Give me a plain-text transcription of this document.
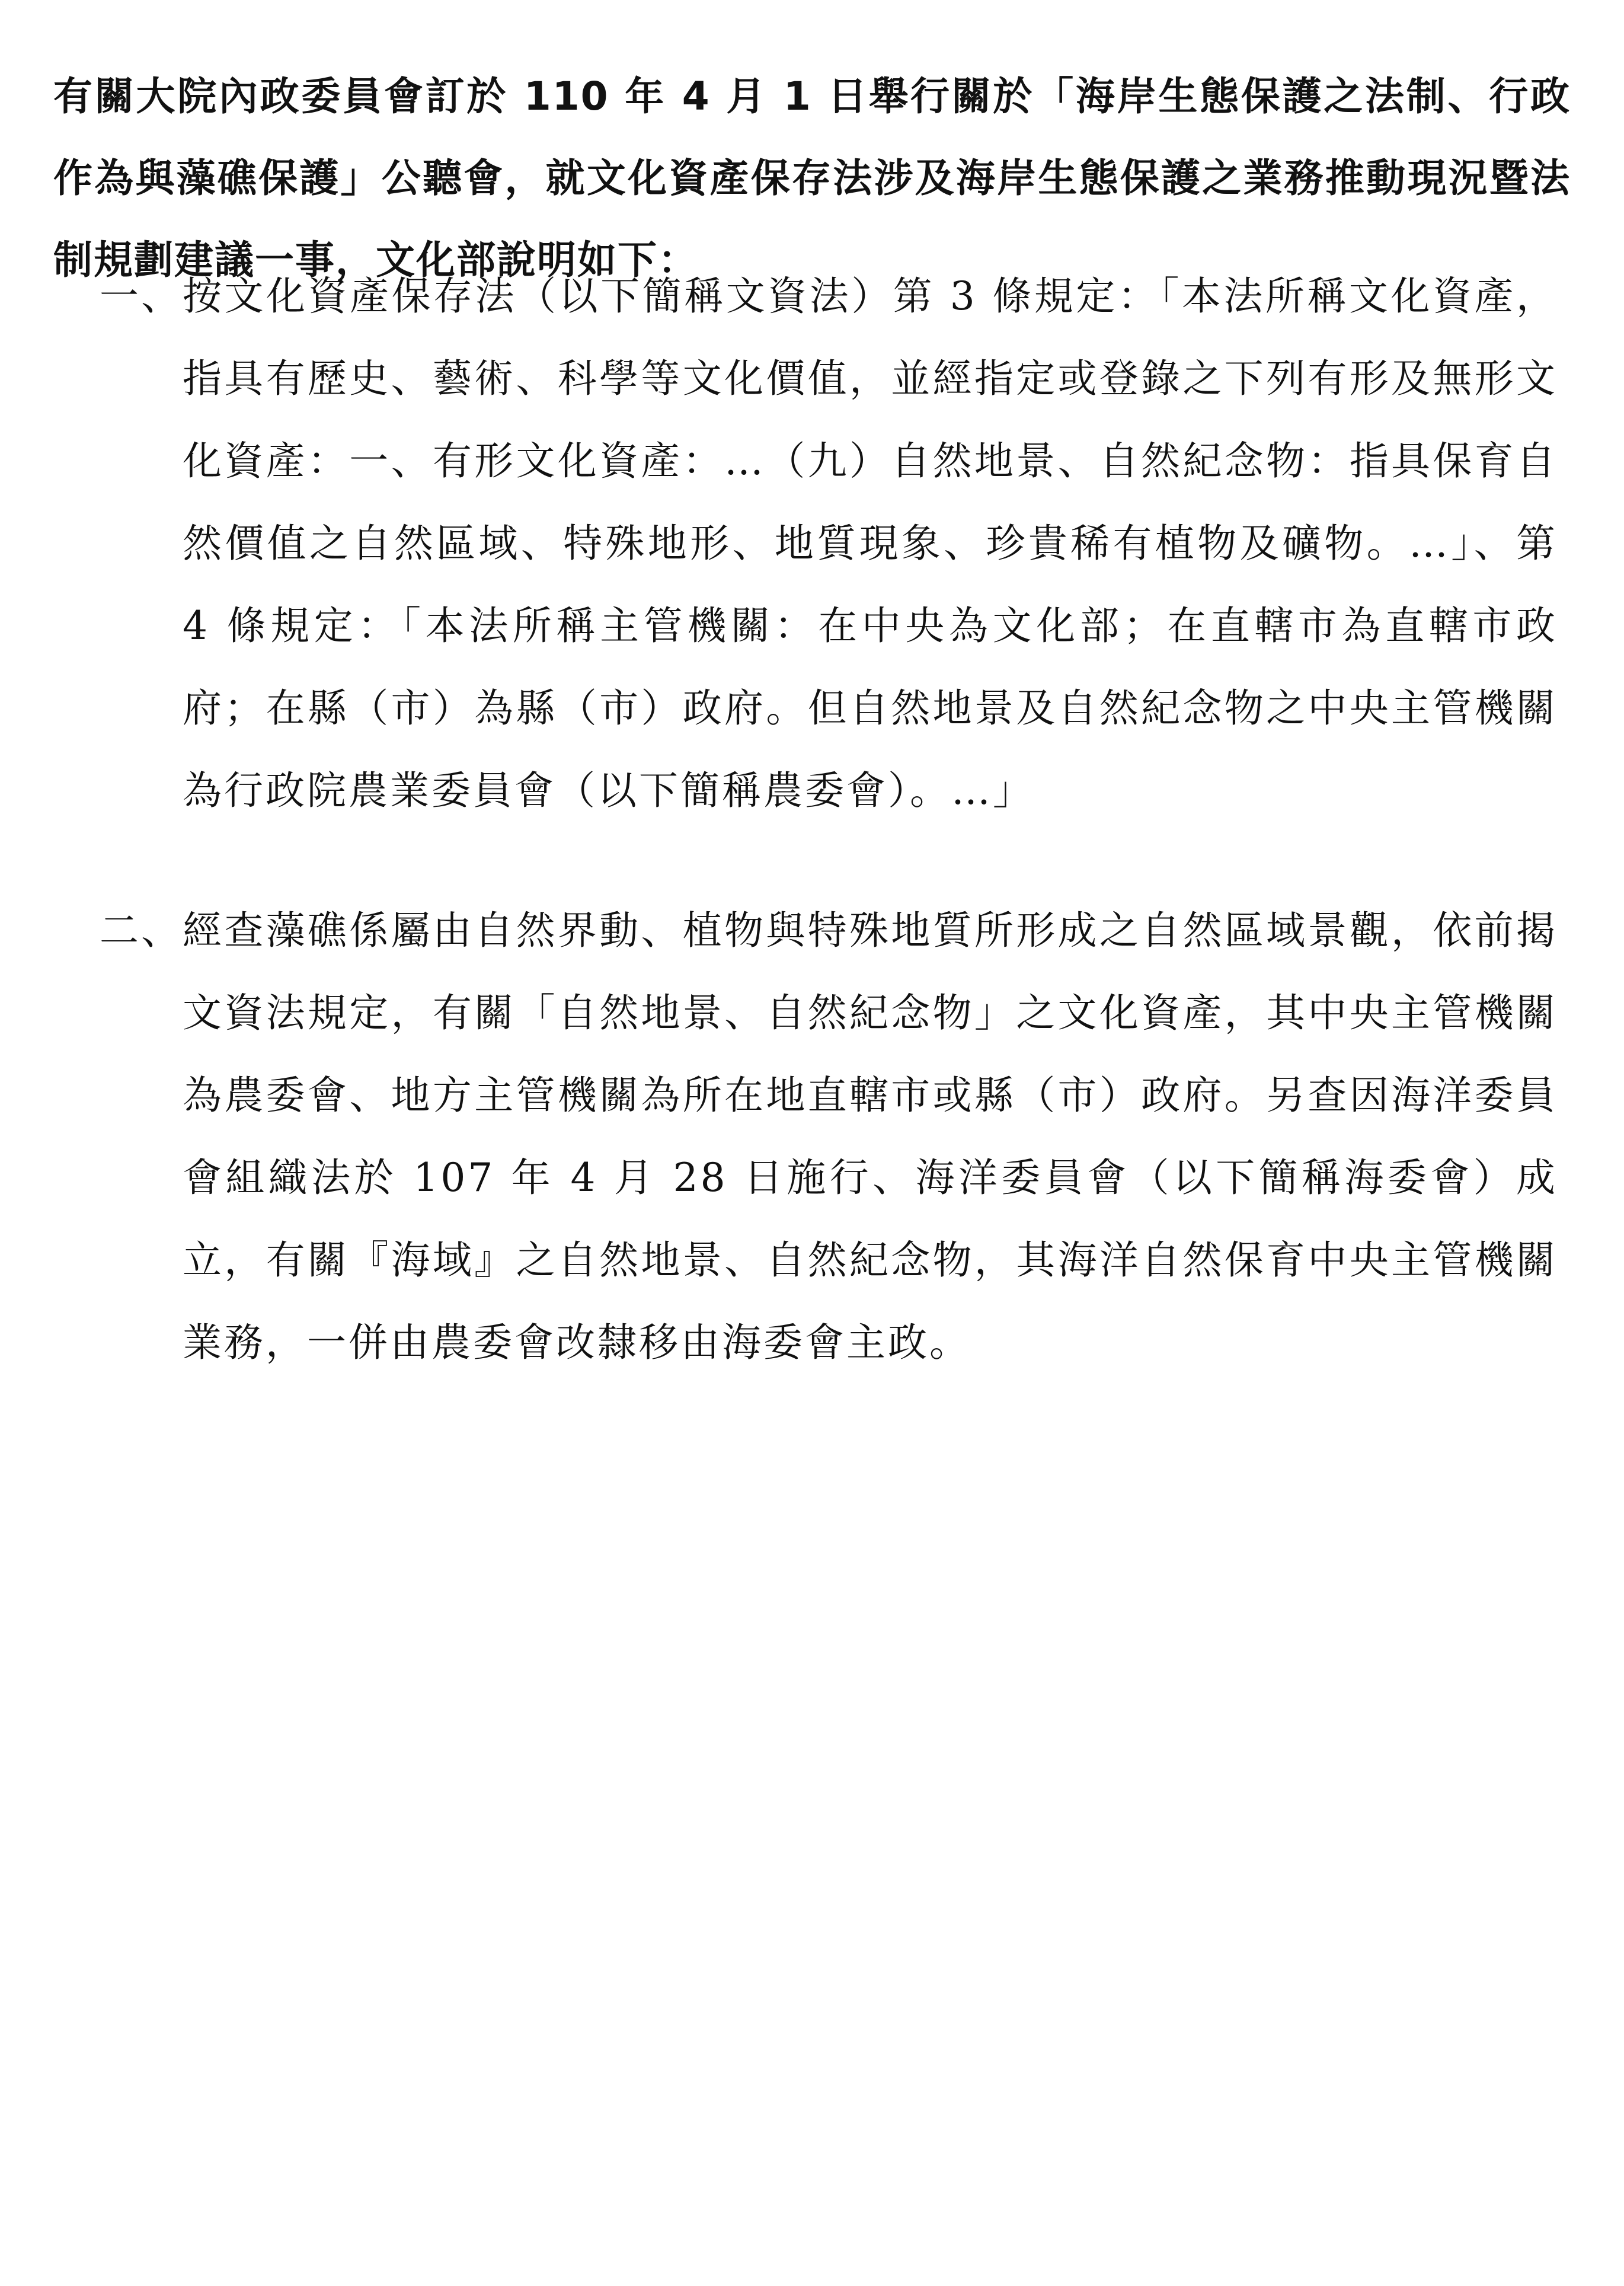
有關大院內政委員會訂於 110 年 4 月 1 日舉行關於「海岸生態保護之法制、行政作為與藻礁保護」公聽會，就文化資產保存法涉及海岸生態保護之業務推動現況暨法制規劃建議一事，文化部說明如下：

一、 按文化資產保存法（以下簡稱文資法）第 3 條規定：「本法所稱文化資產，指具有歷史、藝術、科學等文化價值，並經指定或登錄之下列有形及無形文化資產：一、有形文化資產：…（九）自然地景、自然紀念物：指具保育自然價值之自然區域、特殊地形、地質現象、珍貴稀有植物及礦物。…」、第 4 條規定：「本法所稱主管機關：在中央為文化部；在直轄市為直轄市政府；在縣（市）為縣（市）政府。但自然地景及自然紀念物之中央主管機關為行政院農業委員會（以下簡稱農委會）。…」
二、 經查藻礁係屬由自然界動、植物與特殊地質所形成之自然區域景觀，依前揭文資法規定，有關「自然地景、自然紀念物」之文化資產，其中央主管機關為農委會、地方主管機關為所在地直轄市或縣（市）政府。另查因海洋委員會組織法於 107 年 4 月 28 日施行、海洋委員會（以下簡稱海委會）成立，有關『海域』之自然地景、自然紀念物，其海洋自然保育中央主管機關業務，一併由農委會改隸移由海委會主政。
